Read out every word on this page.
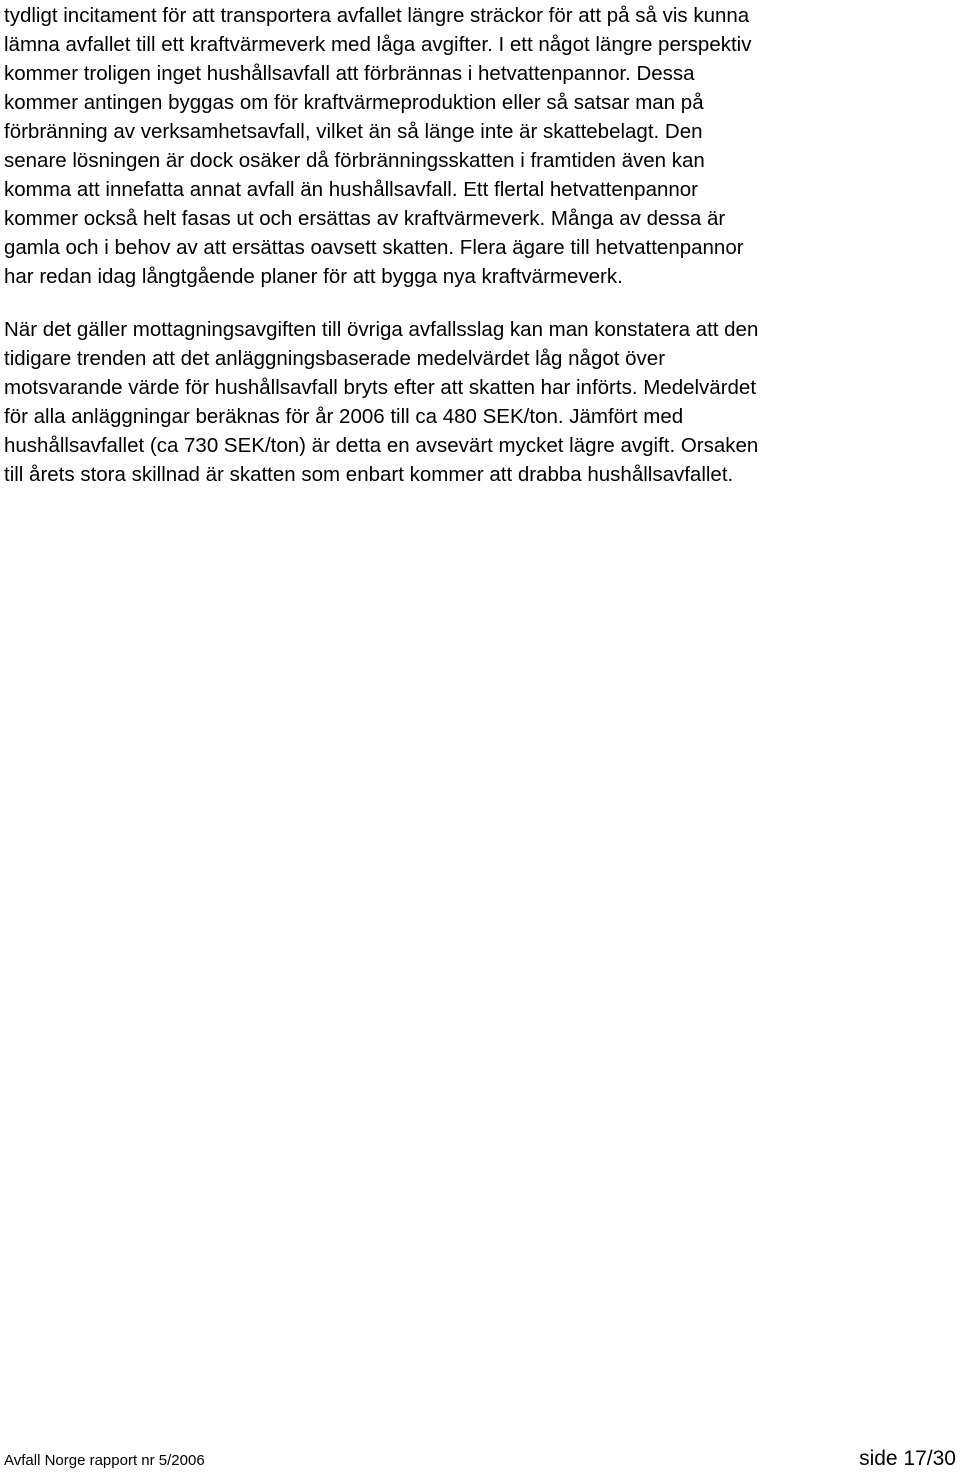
tydligt incitament för att transportera avfallet längre sträckor för att på så vis kunna
lämna avfallet till ett kraftvärmeverk med låga avgifter. I ett något längre perspektiv
kommer troligen inget hushållsavfall att förbrännas i hetvattenpannor. Dessa
kommer antingen byggas om för kraftvärmeproduktion eller så satsar man på
förbränning av verksamhetsavfall, vilket än så länge inte är skattebelagt. Den
senare lösningen är dock osäker då förbränningsskatten i framtiden även kan
komma att innefatta annat avfall än hushållsavfall. Ett flertal hetvattenpannor
kommer också helt fasas ut och ersättas av kraftvärmeverk. Många av dessa är
gamla och i behov av att ersättas oavsett skatten. Flera ägare till hetvattenpannor
har redan idag långtgående planer för att bygga nya kraftvärmeverk.

När det gäller mottagningsavgiften till övriga avfallsslag kan man konstatera att den
tidigare trenden att det anläggningsbaserade medelvärdet låg något över
motsvarande värde för hushållsavfall bryts efter att skatten har införts. Medelvärdet
för alla anläggningar beräknas för år 2006 till ca 480 SEK/ton. Jämfört med
hushållsavfallet (ca 730 SEK/ton) är detta en avsevärt mycket lägre avgift. Orsaken
till årets stora skillnad är skatten som enbart kommer att drabba hushållsavfallet.

Avfall Norge rapport nr 5/2006	side 17/30
